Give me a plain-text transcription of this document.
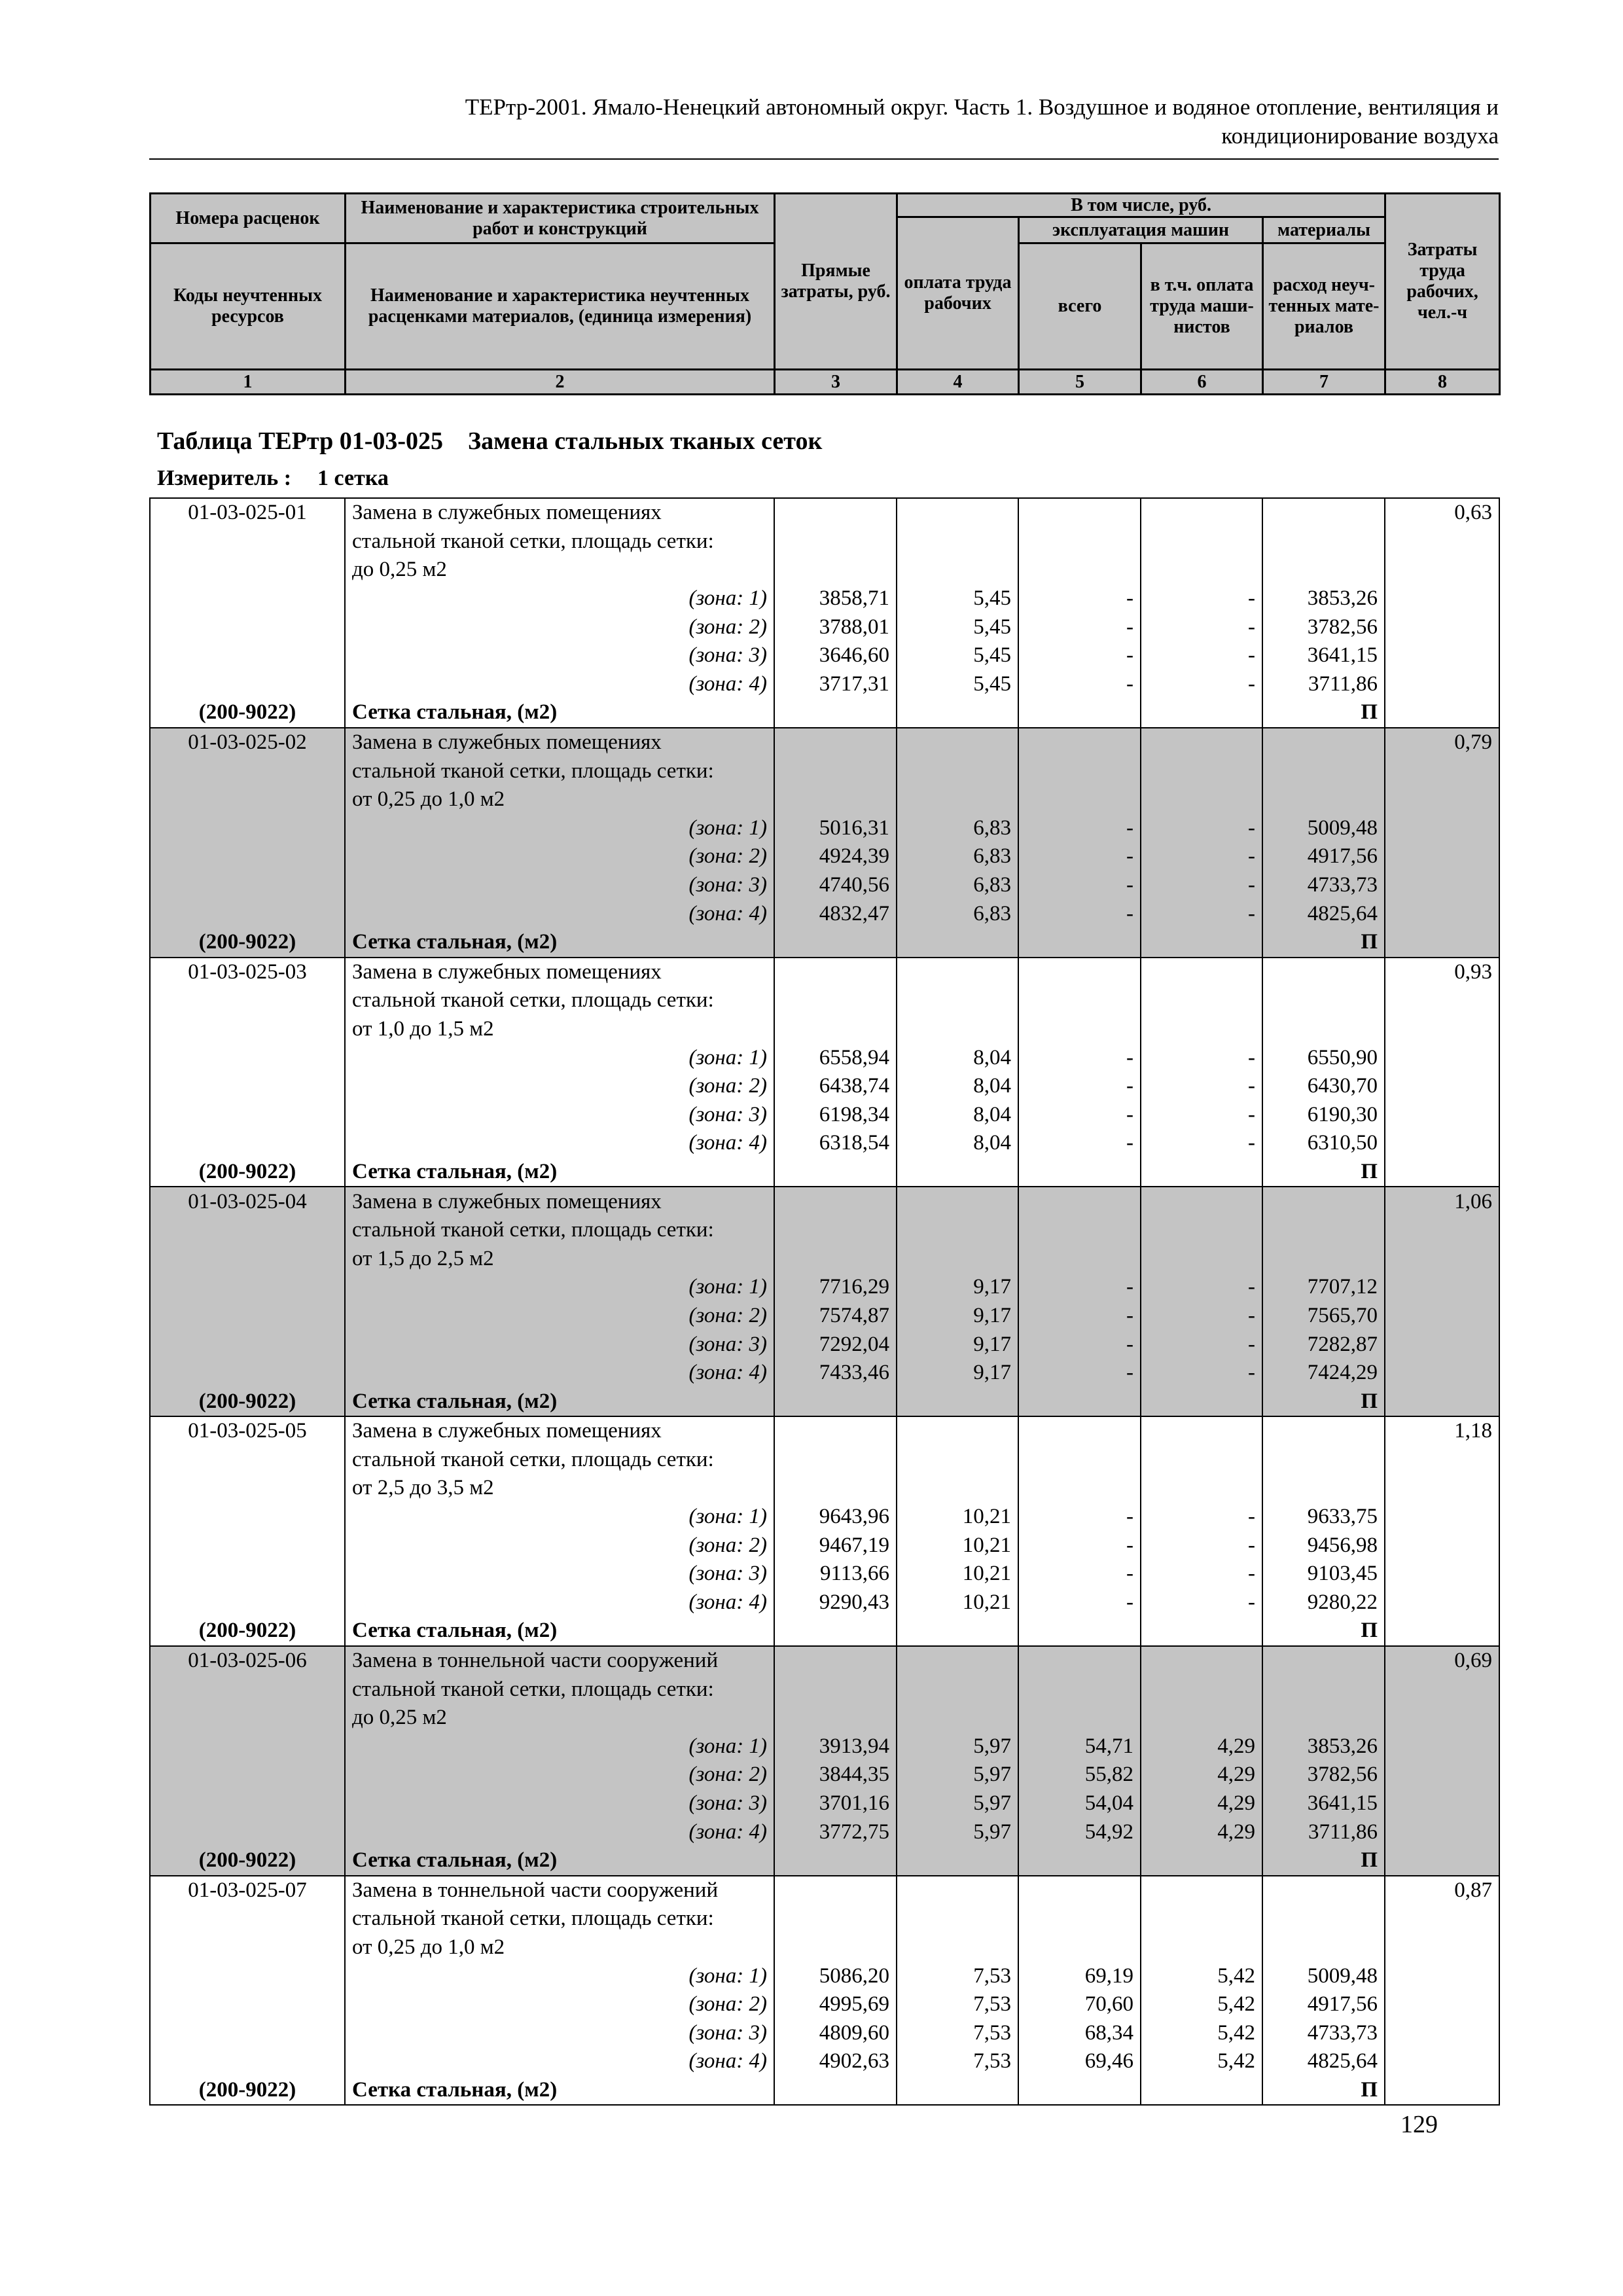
ТЕРтр-2001. Ямало-Ненецкий автономный округ. Часть 1. Воздушное и водяное отопление, вентиляция и
кондиционирование воздуха
Номера расценок	Наименование и характеристика строительных работ и конструкций	Прямые затраты, руб.	В том числе, руб.				Затраты труда рабочих, чел.-ч
			оплата труда рабочих	эксплуатация машин		материалы	
Коды неучтенных ресурсов	Наименование и характеристика неучтенных расценками материалов, (единица измерения)			всего	в т.ч. оплата труда маши- нистов	расход неуч- тенных мате- риалов	

1	2	3	4	5	6	7	8
Таблица ТЕРтр 01-03-025    Замена стальных тканых сеток
Измеритель : 1 сетка
01-03-025-01	Замена в служебных помещениях						0,63
	стальной тканой сетки, площадь сетки:						
	до 0,25 м2						
	(зона: 1)	3858,71	5,45	-	-	3853,26	
	(зона: 2)	3788,01	5,45	-	-	3782,56	
	(зона: 3)	3646,60	5,45	-	-	3641,15	
	(зона: 4)	3717,31	5,45	-	-	3711,86	
(200-9022)	Сетка стальная, (м2)					П	
01-03-025-02	Замена в служебных помещениях						0,79
	стальной тканой сетки, площадь сетки:						
	от 0,25 до 1,0 м2						
	(зона: 1)	5016,31	6,83	-	-	5009,48	
	(зона: 2)	4924,39	6,83	-	-	4917,56	
	(зона: 3)	4740,56	6,83	-	-	4733,73	
	(зона: 4)	4832,47	6,83	-	-	4825,64	
(200-9022)	Сетка стальная, (м2)					П	
01-03-025-03	Замена в служебных помещениях						0,93
	стальной тканой сетки, площадь сетки:						
	от 1,0 до 1,5 м2						
	(зона: 1)	6558,94	8,04	-	-	6550,90	
	(зона: 2)	6438,74	8,04	-	-	6430,70	
	(зона: 3)	6198,34	8,04	-	-	6190,30	
	(зона: 4)	6318,54	8,04	-	-	6310,50	
(200-9022)	Сетка стальная, (м2)					П	
01-03-025-04	Замена в служебных помещениях						1,06
	стальной тканой сетки, площадь сетки:						
	от 1,5 до 2,5 м2						
	(зона: 1)	7716,29	9,17	-	-	7707,12	
	(зона: 2)	7574,87	9,17	-	-	7565,70	
	(зона: 3)	7292,04	9,17	-	-	7282,87	
	(зона: 4)	7433,46	9,17	-	-	7424,29	
(200-9022)	Сетка стальная, (м2)					П	
01-03-025-05	Замена в служебных помещениях						1,18
	стальной тканой сетки, площадь сетки:						
	от 2,5 до 3,5 м2						
	(зона: 1)	9643,96	10,21	-	-	9633,75	
	(зона: 2)	9467,19	10,21	-	-	9456,98	
	(зона: 3)	9113,66	10,21	-	-	9103,45	
	(зона: 4)	9290,43	10,21	-	-	9280,22	
(200-9022)	Сетка стальная, (м2)					П	
01-03-025-06	Замена в тоннельной части сооружений						0,69
	стальной тканой сетки, площадь сетки:						
	до 0,25 м2						
	(зона: 1)	3913,94	5,97	54,71	4,29	3853,26	
	(зона: 2)	3844,35	5,97	55,82	4,29	3782,56	
	(зона: 3)	3701,16	5,97	54,04	4,29	3641,15	
	(зона: 4)	3772,75	5,97	54,92	4,29	3711,86	
(200-9022)	Сетка стальная, (м2)					П	
01-03-025-07	Замена в тоннельной части сооружений						0,87
	стальной тканой сетки, площадь сетки:						
	от 0,25 до 1,0 м2						
	(зона: 1)	5086,20	7,53	69,19	5,42	5009,48	
	(зона: 2)	4995,69	7,53	70,60	5,42	4917,56	
	(зона: 3)	4809,60	7,53	68,34	5,42	4733,73	
	(зона: 4)	4902,63	7,53	69,46	5,42	4825,64	
(200-9022)	Сетка стальная, (м2)					П	
129
